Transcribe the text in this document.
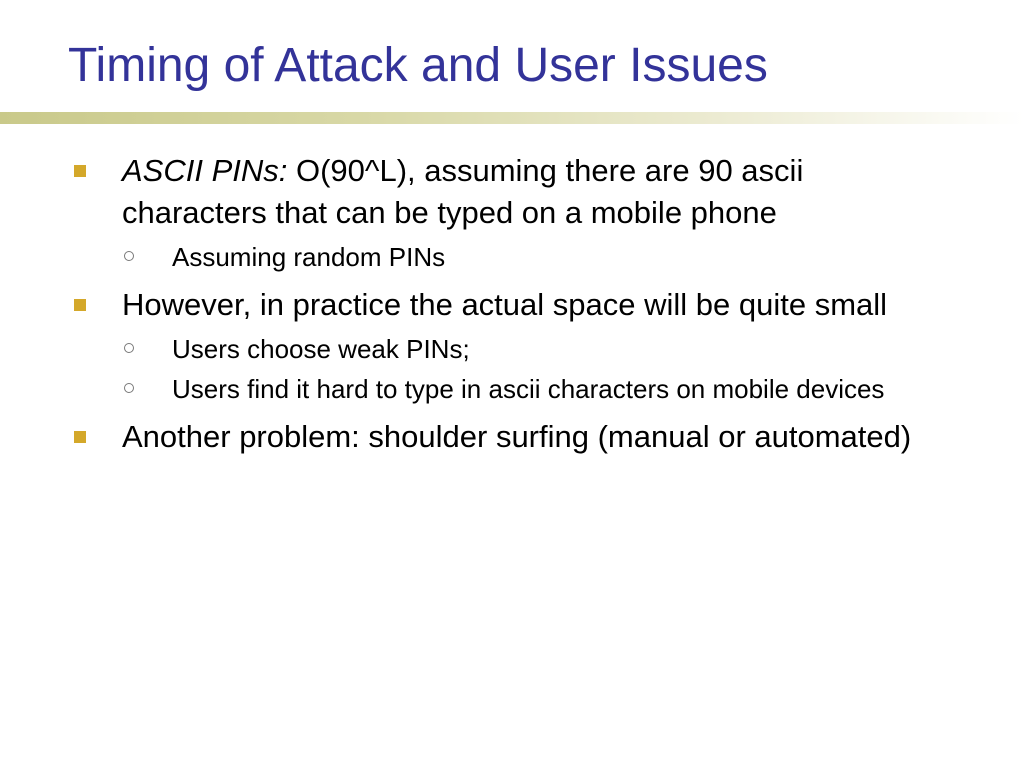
Timing of Attack and User Issues
ASCII PINs: O(90^L), assuming there are 90 ascii characters that can be typed on a mobile phone
Assuming random PINs
However, in practice the actual space will be quite small
Users choose weak PINs;
Users find it hard to type in ascii characters on mobile devices
Another problem: shoulder surfing (manual or automated)
